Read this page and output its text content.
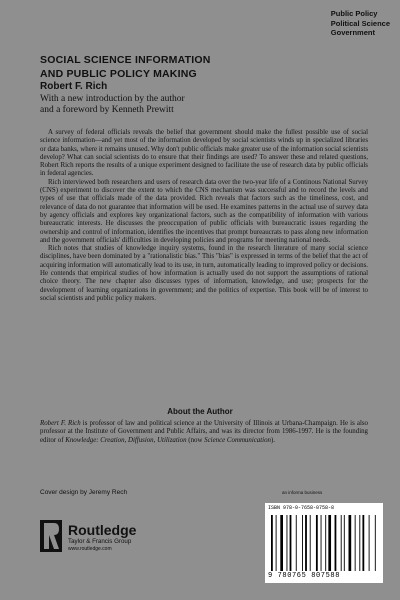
Public Policy
Political Science
Government
SOCIAL SCIENCE INFORMATION
AND PUBLIC POLICY MAKING
Robert F. Rich
With a new introduction by the author
and a foreword by Kenneth Prewitt

A survey of federal officials reveals the belief that government should make the fullest possible use of social science information—and yet most of the information developed by social scientists winds up in specialized libraries or data banks, where it remains unused. Why don't public officials make greater use of the information social scientists develop? What can social scientists do to ensure that their findings are used? To answer these and related questions, Robert Rich reports the results of a unique experiment designed to facilitate the use of research data by public officials in federal agencies.

Rich interviewed both researchers and users of research data over the two-year life of a Continous National Survey (CNS) experiment to discover the extent to which the CNS mechanism was successful and to record the levels and types of use that officials made of the data provided. Rich reveals that factors such as the timeliness, cost, and relevance of data do not guarantee that information will be used. He examines patterns in the actual use of survey data by agency officials and explores key organizational factors, such as the compatibility of information with various bureaucratic interests. He discusses the preoccupation of public officials with bureaucratic issues regarding the ownership and control of information, identifies the incentives that prompt bureaucrats to pass along new information and the government officials' difficulties in developing policies and programs for meeting national needs.

Rich notes that studies of knowledge inquiry systems, found in the research literature of many social science disciplines, have been dominated by a "rationalistic bias." This "bias" is expressed in terms of the belief that the act of acquiring information will automatically lead to its use, in turn, automatically leading to improved policy or decisions. He contends that empirical studies of how information is actually used do not support the assumptions of rational choice theory. The new chapter also discusses types of information, knowledge, and use; prospects for the development of learning organizations in government; and the politics of expertise. This book will be of interest to social scientists and public policy makers.

About the Author
Robert F. Rich is professor of law and political science at the University of Illinois at Urbana-Champaign. He is also professor at the Institute of Government and Public Affairs, and was its director from 1986-1997. He is the founding editor of Knowledge: Creation, Diffusion, Utilization (now Science Communication).
Cover design by Jeremy Rech
Routledge
Taylor & Francis Group
www.routledge.com
an informa business
ISBN 978-0-7658-0758-8
9 780765 807588
